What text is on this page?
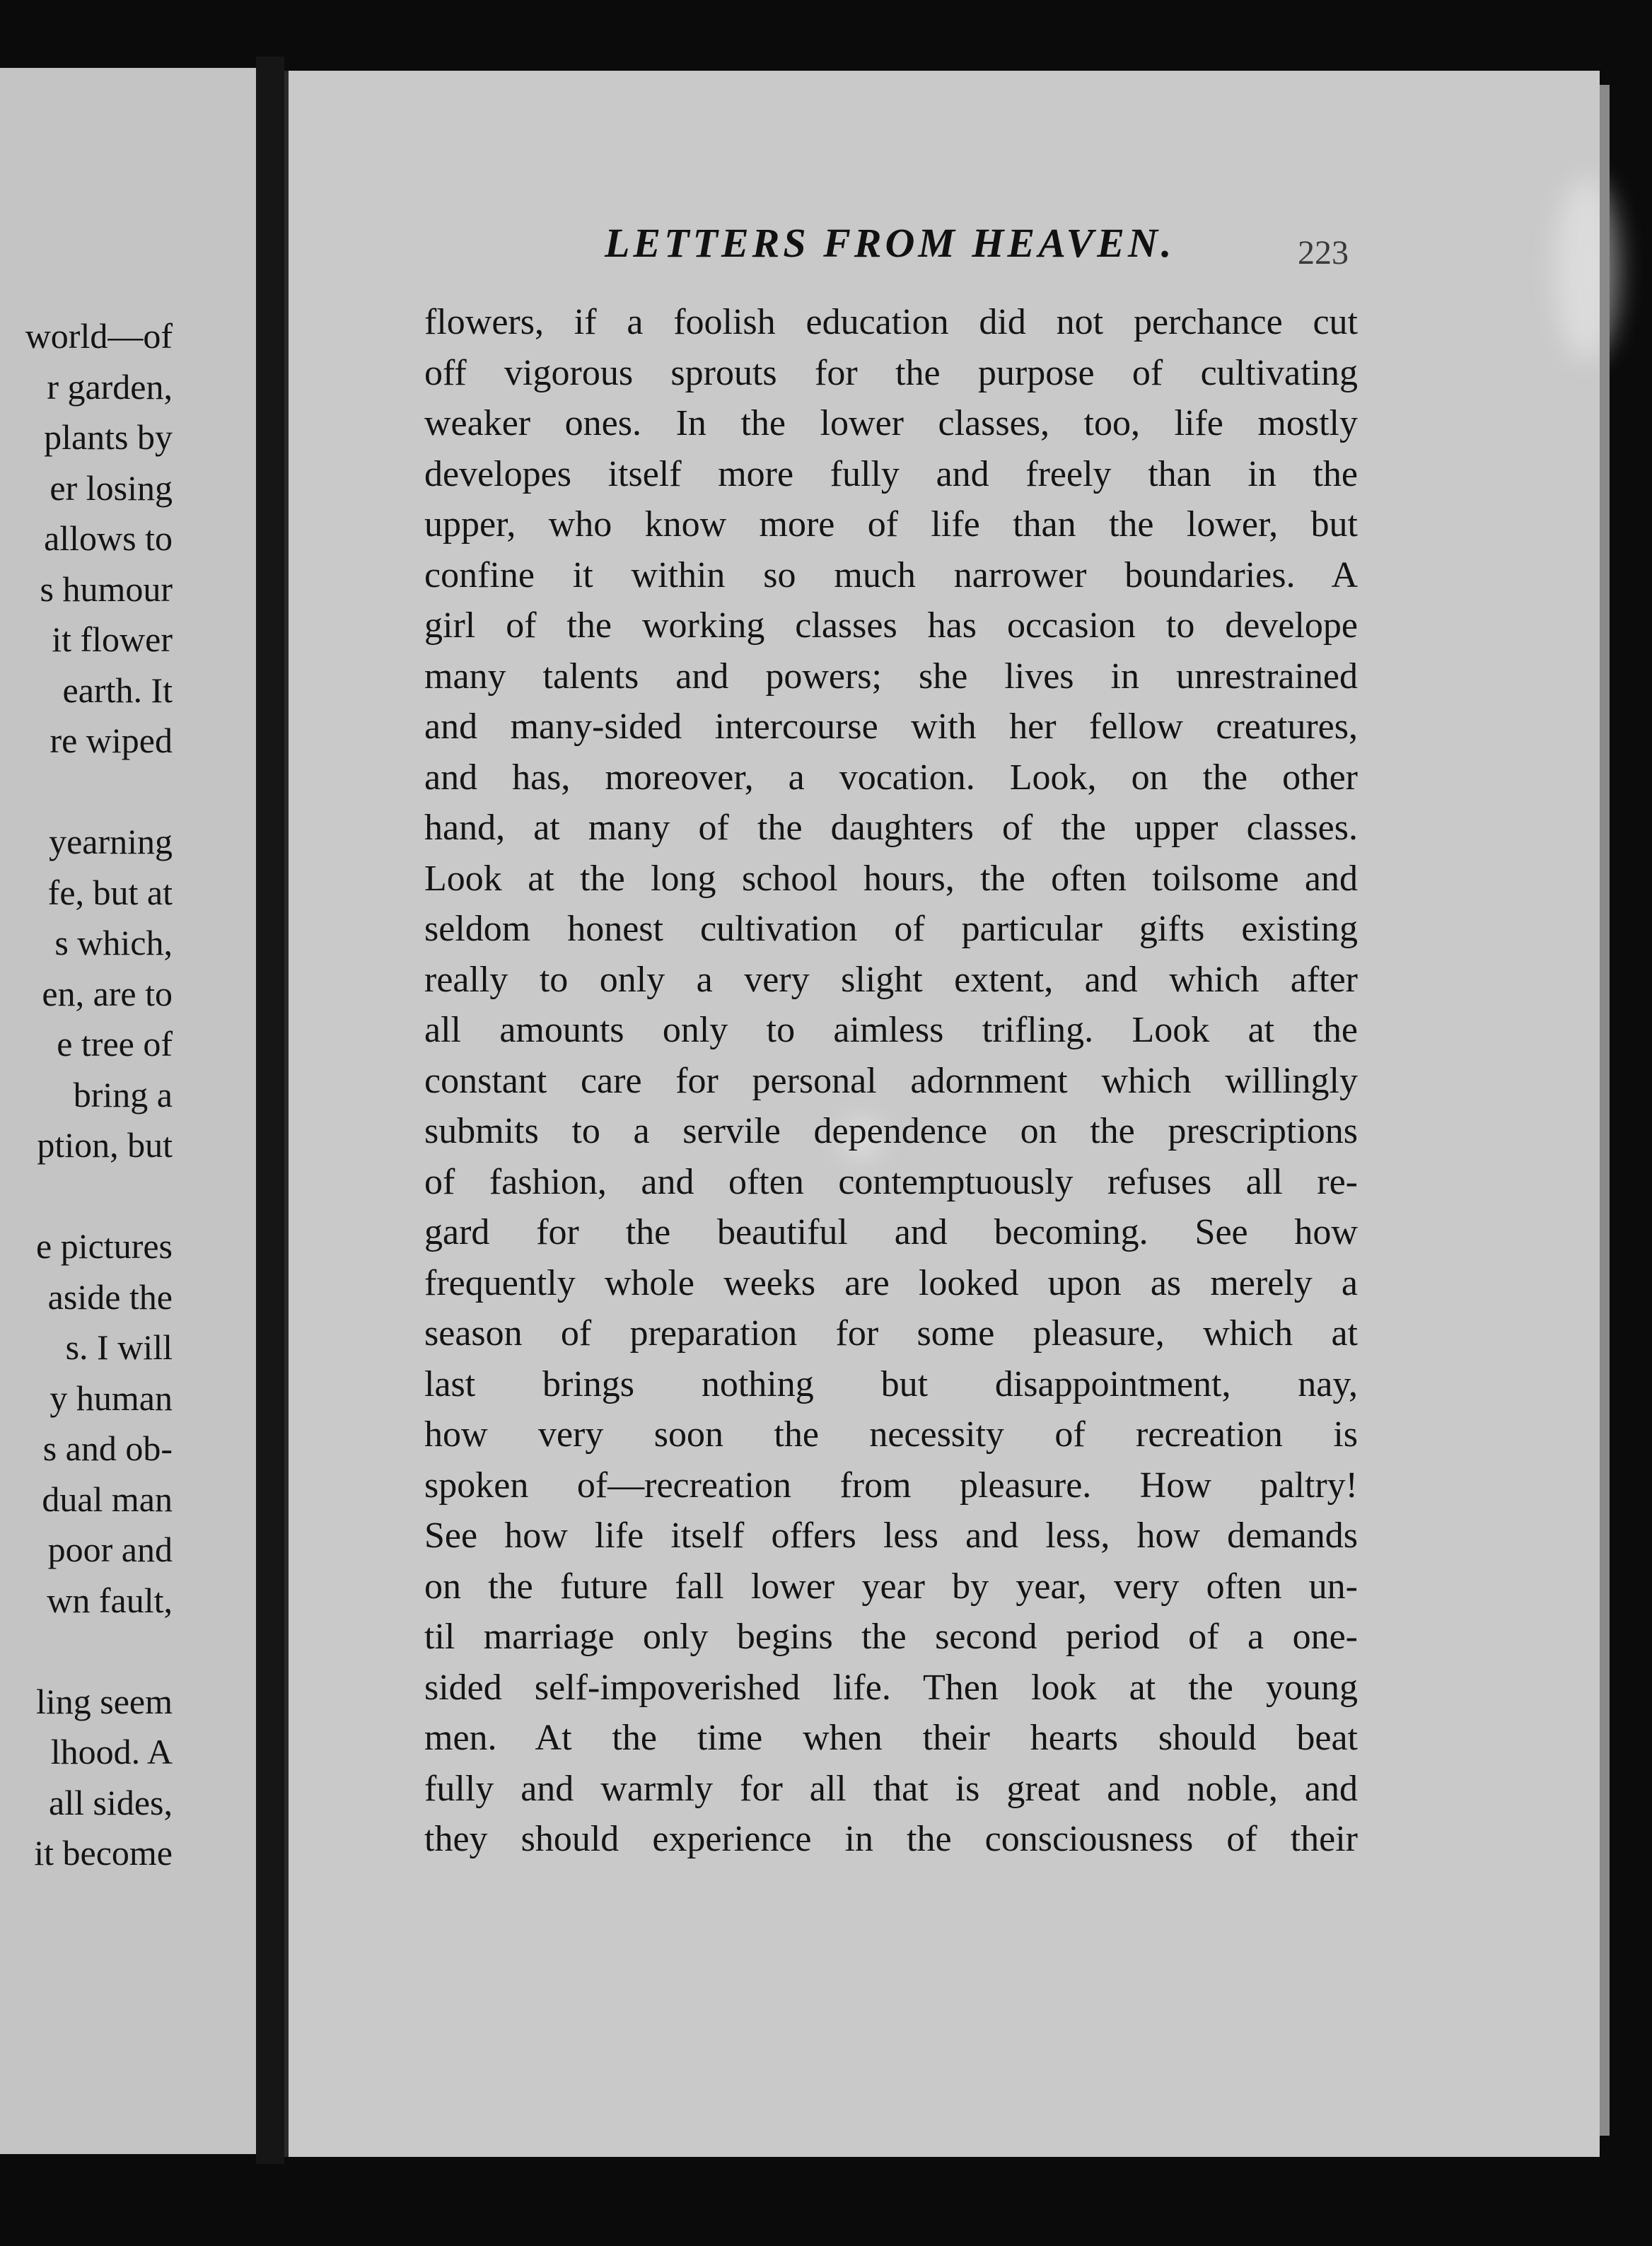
world—of
r garden,
plants by
er losing
allows to
s humour
it flower
earth. It
re wiped
yearning
fe, but at
s which,
en, are to
e tree of
bring a
ption, but
e pictures
aside the
s. I will
y human
s and ob-
dual man
poor and
wn fault,
ling seem
lhood. A
all sides,
it become
LETTERS FROM HEAVEN.	223
flowers, if a foolish education did not perchance cut
off vigorous sprouts for the purpose of cultivating
weaker ones. In the lower classes, too, life mostly
developes itself more fully and freely than in the
upper, who know more of life than the lower, but
confine it within so much narrower boundaries. A
girl of the working classes has occasion to develope
many talents and powers; she lives in unrestrained
and many-sided intercourse with her fellow creatures,
and has, moreover, a vocation. Look, on the other
hand, at many of the daughters of the upper classes.
Look at the long school hours, the often toilsome and
seldom honest cultivation of particular gifts existing
really to only a very slight extent, and which after
all amounts only to aimless trifling. Look at the
constant care for personal adornment which willingly
submits to a servile dependence on the prescriptions
of fashion, and often contemptuously refuses all re-
gard for the beautiful and becoming. See how
frequently whole weeks are looked upon as merely a
season of preparation for some pleasure, which at
last brings nothing but disappointment, nay,
how very soon the necessity of recreation is
spoken of—recreation from pleasure. How paltry!
See how life itself offers less and less, how demands
on the future fall lower year by year, very often un-
til marriage only begins the second period of a one-
sided self-impoverished life. Then look at the young
men. At the time when their hearts should beat
fully and warmly for all that is great and noble, and
they should experience in the consciousness of their
